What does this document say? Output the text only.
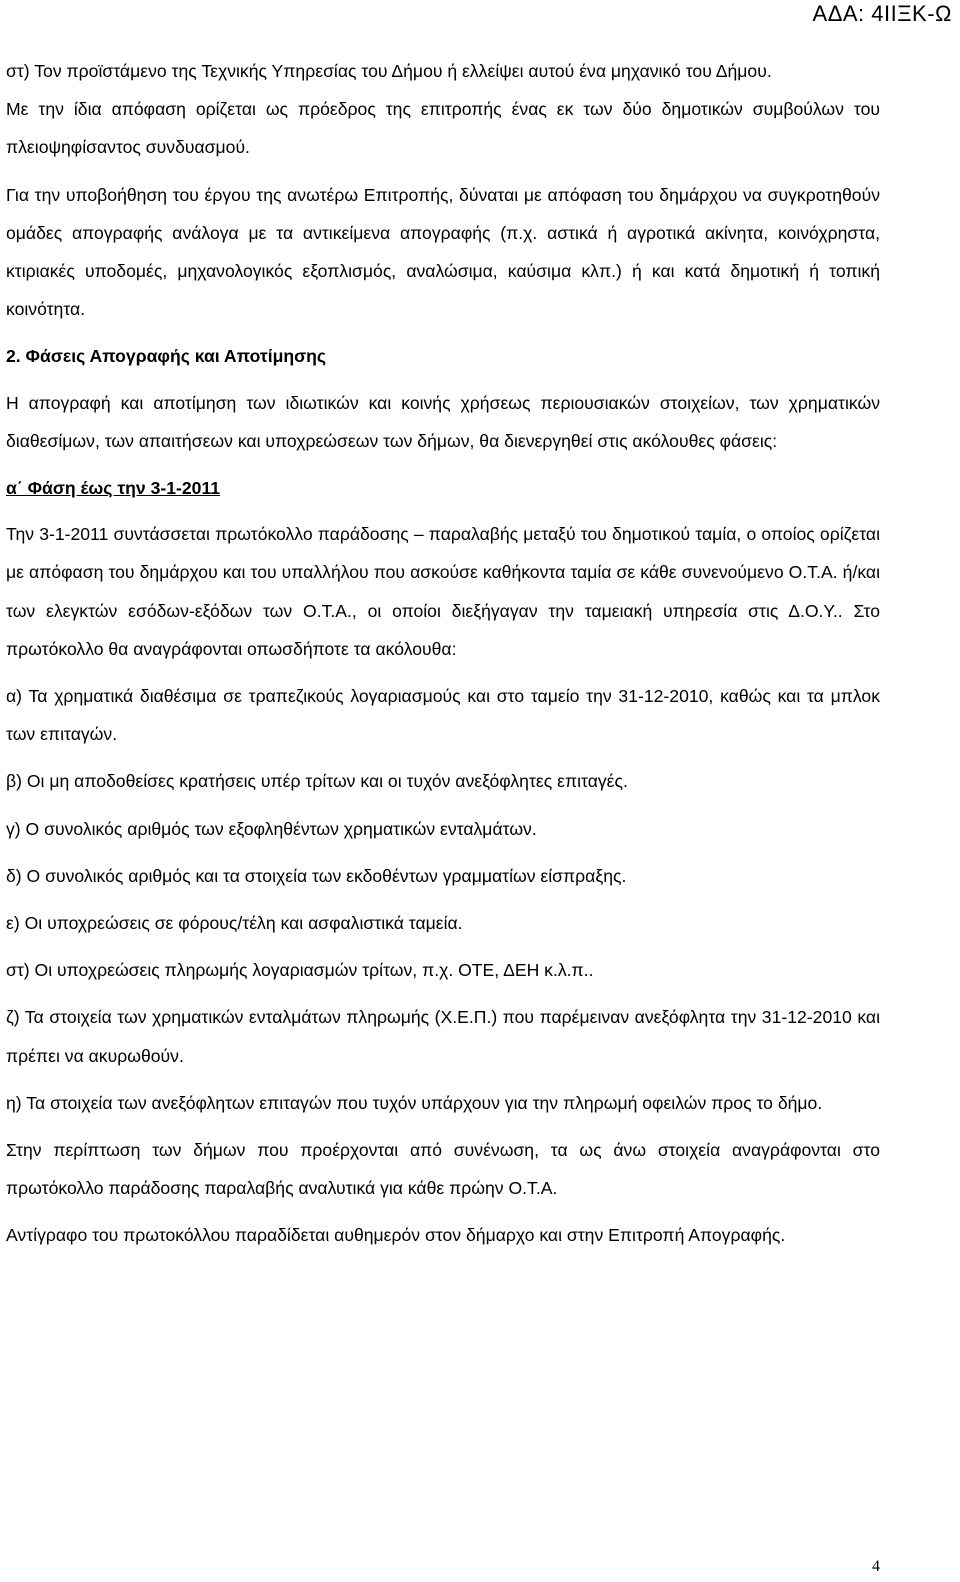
ΑΔΑ: 4ΙΙΞΚ-Ω

στ) Τον προϊστάμενο της Τεχνικής Υπηρεσίας του Δήμου ή ελλείψει αυτού ένα μηχανικό του Δήμου.

Με την ίδια απόφαση ορίζεται ως πρόεδρος της επιτροπής ένας εκ των δύο δημοτικών συμβούλων του πλειοψηφίσαντος συνδυασμού.

Για την υποβοήθηση του έργου της ανωτέρω Επιτροπής, δύναται με απόφαση του δημάρχου να συγκροτηθούν ομάδες απογραφής ανάλογα με τα αντικείμενα απογραφής (π.χ. αστικά ή αγροτικά ακίνητα, κοινόχρηστα, κτιριακές υποδομές, μηχανολογικός εξοπλισμός, αναλώσιμα, καύσιμα κλπ.) ή και κατά δημοτική ή τοπική κοινότητα.

2. Φάσεις Απογραφής και Αποτίμησης

Η απογραφή και αποτίμηση των ιδιωτικών και κοινής χρήσεως περιουσιακών στοιχείων, των χρηματικών διαθεσίμων, των απαιτήσεων και υποχρεώσεων των δήμων, θα διενεργηθεί στις ακόλουθες φάσεις:

α΄ Φάση έως την 3-1-2011

Την 3-1-2011 συντάσσεται πρωτόκολλο παράδοσης – παραλαβής μεταξύ του δημοτικού ταμία, ο οποίος ορίζεται με απόφαση του δημάρχου και του υπαλλήλου που ασκούσε καθήκοντα ταμία σε κάθε συνενούμενο Ο.Τ.Α. ή/και των ελεγκτών εσόδων-εξόδων των Ο.Τ.Α., οι οποίοι διεξήγαγαν την ταμειακή υπηρεσία στις Δ.Ο.Υ.. Στο πρωτόκολλο θα αναγράφονται οπωσδήποτε τα ακόλουθα:

α) Τα χρηματικά διαθέσιμα σε τραπεζικούς λογαριασμούς και στο ταμείο την 31-12-2010, καθώς και τα μπλοκ των επιταγών.

β) Οι μη αποδοθείσες κρατήσεις υπέρ τρίτων και οι τυχόν ανεξόφλητες επιταγές.

γ) Ο συνολικός αριθμός των εξοφληθέντων χρηματικών ενταλμάτων.

δ) Ο συνολικός αριθμός και τα στοιχεία των εκδοθέντων γραμματίων είσπραξης.

ε) Οι υποχρεώσεις σε φόρους/τέλη και ασφαλιστικά ταμεία.

στ) Οι υποχρεώσεις πληρωμής λογαριασμών τρίτων, π.χ. ΟΤΕ, ΔΕΗ κ.λ.π..

ζ) Τα στοιχεία των χρηματικών ενταλμάτων πληρωμής (Χ.Ε.Π.) που παρέμειναν ανεξόφλητα την 31-12-2010 και πρέπει να ακυρωθούν.

η) Τα στοιχεία των ανεξόφλητων επιταγών που τυχόν υπάρχουν για την πληρωμή οφειλών προς το δήμο.

Στην περίπτωση των δήμων που προέρχονται από συνένωση, τα ως άνω στοιχεία αναγράφονται στο πρωτόκολλο παράδοσης παραλαβής αναλυτικά για κάθε πρώην Ο.Τ.Α.

Αντίγραφο του πρωτοκόλλου παραδίδεται αυθημερόν στον δήμαρχο και στην Επιτροπή Απογραφής.

4
